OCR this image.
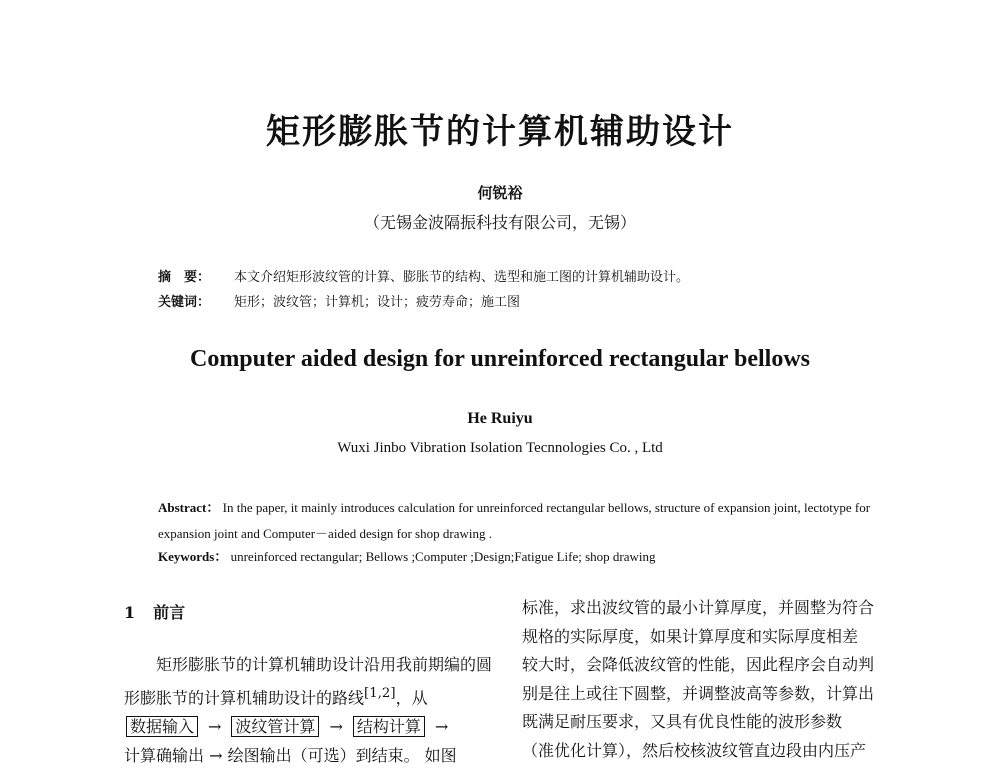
矩形膨胀节的计算机辅助设计
何锐裕
（无锡金波隔振科技有限公司，无锡）
摘　要： 本文介绍矩形波纹管的计算、膨胀节的结构、选型和施工图的计算机辅助设计。
关键词： 矩形；波纹管；计算机；设计；疲劳寿命；施工图
Computer aided design for unreinforced rectangular bellows
He Ruiyu
Wuxi Jinbo Vibration Isolation Tecnnologies Co. , Ltd
Abstract： In the paper, it mainly introduces calculation for unreinforced rectangular bellows, structure of expansion joint, lectotype for expansion joint and Computer－aided design for shop drawing .
Keywords： unreinforced rectangular; Bellows ;Computer ;Design;Fatigue Life; shop drawing
1 前言

矩形膨胀节的计算机辅助设计沿用我前期编的圆形膨胀节的计算机辅助设计的路线[1,2]，从

数据输入 → 波纹管计算 → 结构计算 →

计算确输出 → 绘图输出（可选）到结束。 如图

标准，求出波纹管的最小计算厚度，并圆整为符合

规格的实际厚度，如果计算厚度和实际厚度相差

较大时，会降低波纹管的性能，因此程序会自动判

别是往上或往下圆整，并调整波高等参数，计算出

既满足耐压要求，又具有优良性能的波形参数

（准优化计算），然后校核波纹管直边段由内压产
